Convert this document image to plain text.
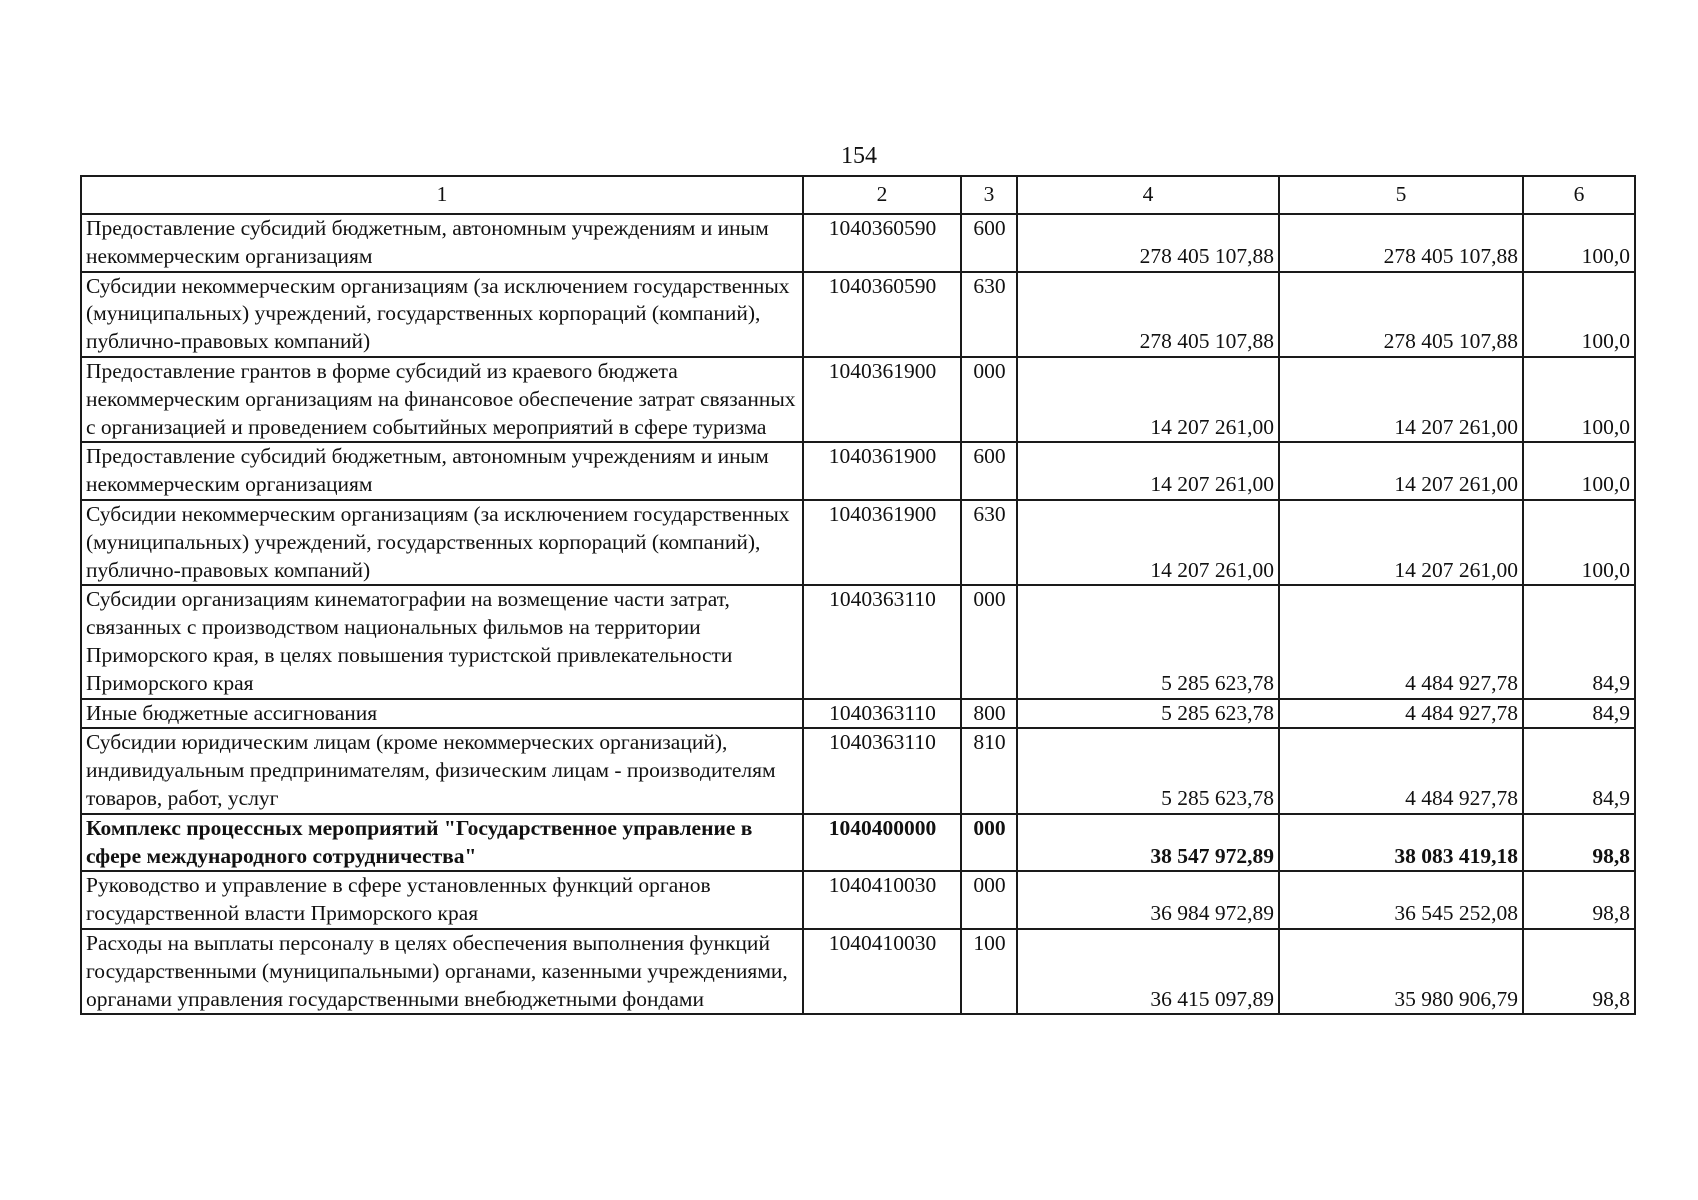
154
1	2	3	4	5	6
Предоставление субсидий бюджетным, автономным учреждениям и иным некоммерческим организациям	1040360590	600	278 405 107,88	278 405 107,88	100,0
Субсидии некоммерческим организациям (за исключением государственных (муниципальных) учреждений, государственных корпораций (компаний), публично-правовых компаний)	1040360590	630	278 405 107,88	278 405 107,88	100,0
Предоставление грантов в форме субсидий из краевого бюджета некоммерческим организациям на финансовое обеспечение затрат связанных с организацией и проведением событийных мероприятий в сфере туризма	1040361900	000	14 207 261,00	14 207 261,00	100,0
Предоставление субсидий бюджетным, автономным учреждениям и иным некоммерческим организациям	1040361900	600	14 207 261,00	14 207 261,00	100,0
Субсидии некоммерческим организациям (за исключением государственных (муниципальных) учреждений, государственных корпораций (компаний), публично-правовых компаний)	1040361900	630	14 207 261,00	14 207 261,00	100,0
Субсидии организациям кинематографии на возмещение части затрат, связанных с производством национальных фильмов на территории Приморского края, в целях повышения туристской привлекательности Приморского края	1040363110	000	5 285 623,78	4 484 927,78	84,9
Иные бюджетные ассигнования	1040363110	800	5 285 623,78	4 484 927,78	84,9
Субсидии юридическим лицам (кроме некоммерческих организаций), индивидуальным предпринимателям, физическим лицам - производителям товаров, работ, услуг	1040363110	810	5 285 623,78	4 484 927,78	84,9
Комплекс процессных мероприятий "Государственное управление в сфере международного сотрудничества"	1040400000	000	38 547 972,89	38 083 419,18	98,8
Руководство и управление в сфере установленных функций органов государственной власти Приморского края	1040410030	000	36 984 972,89	36 545 252,08	98,8
Расходы на выплаты персоналу в целях обеспечения выполнения функций государственными (муниципальными) органами, казенными учреждениями, органами управления государственными внебюджетными фондами	1040410030	100	36 415 097,89	35 980 906,79	98,8
